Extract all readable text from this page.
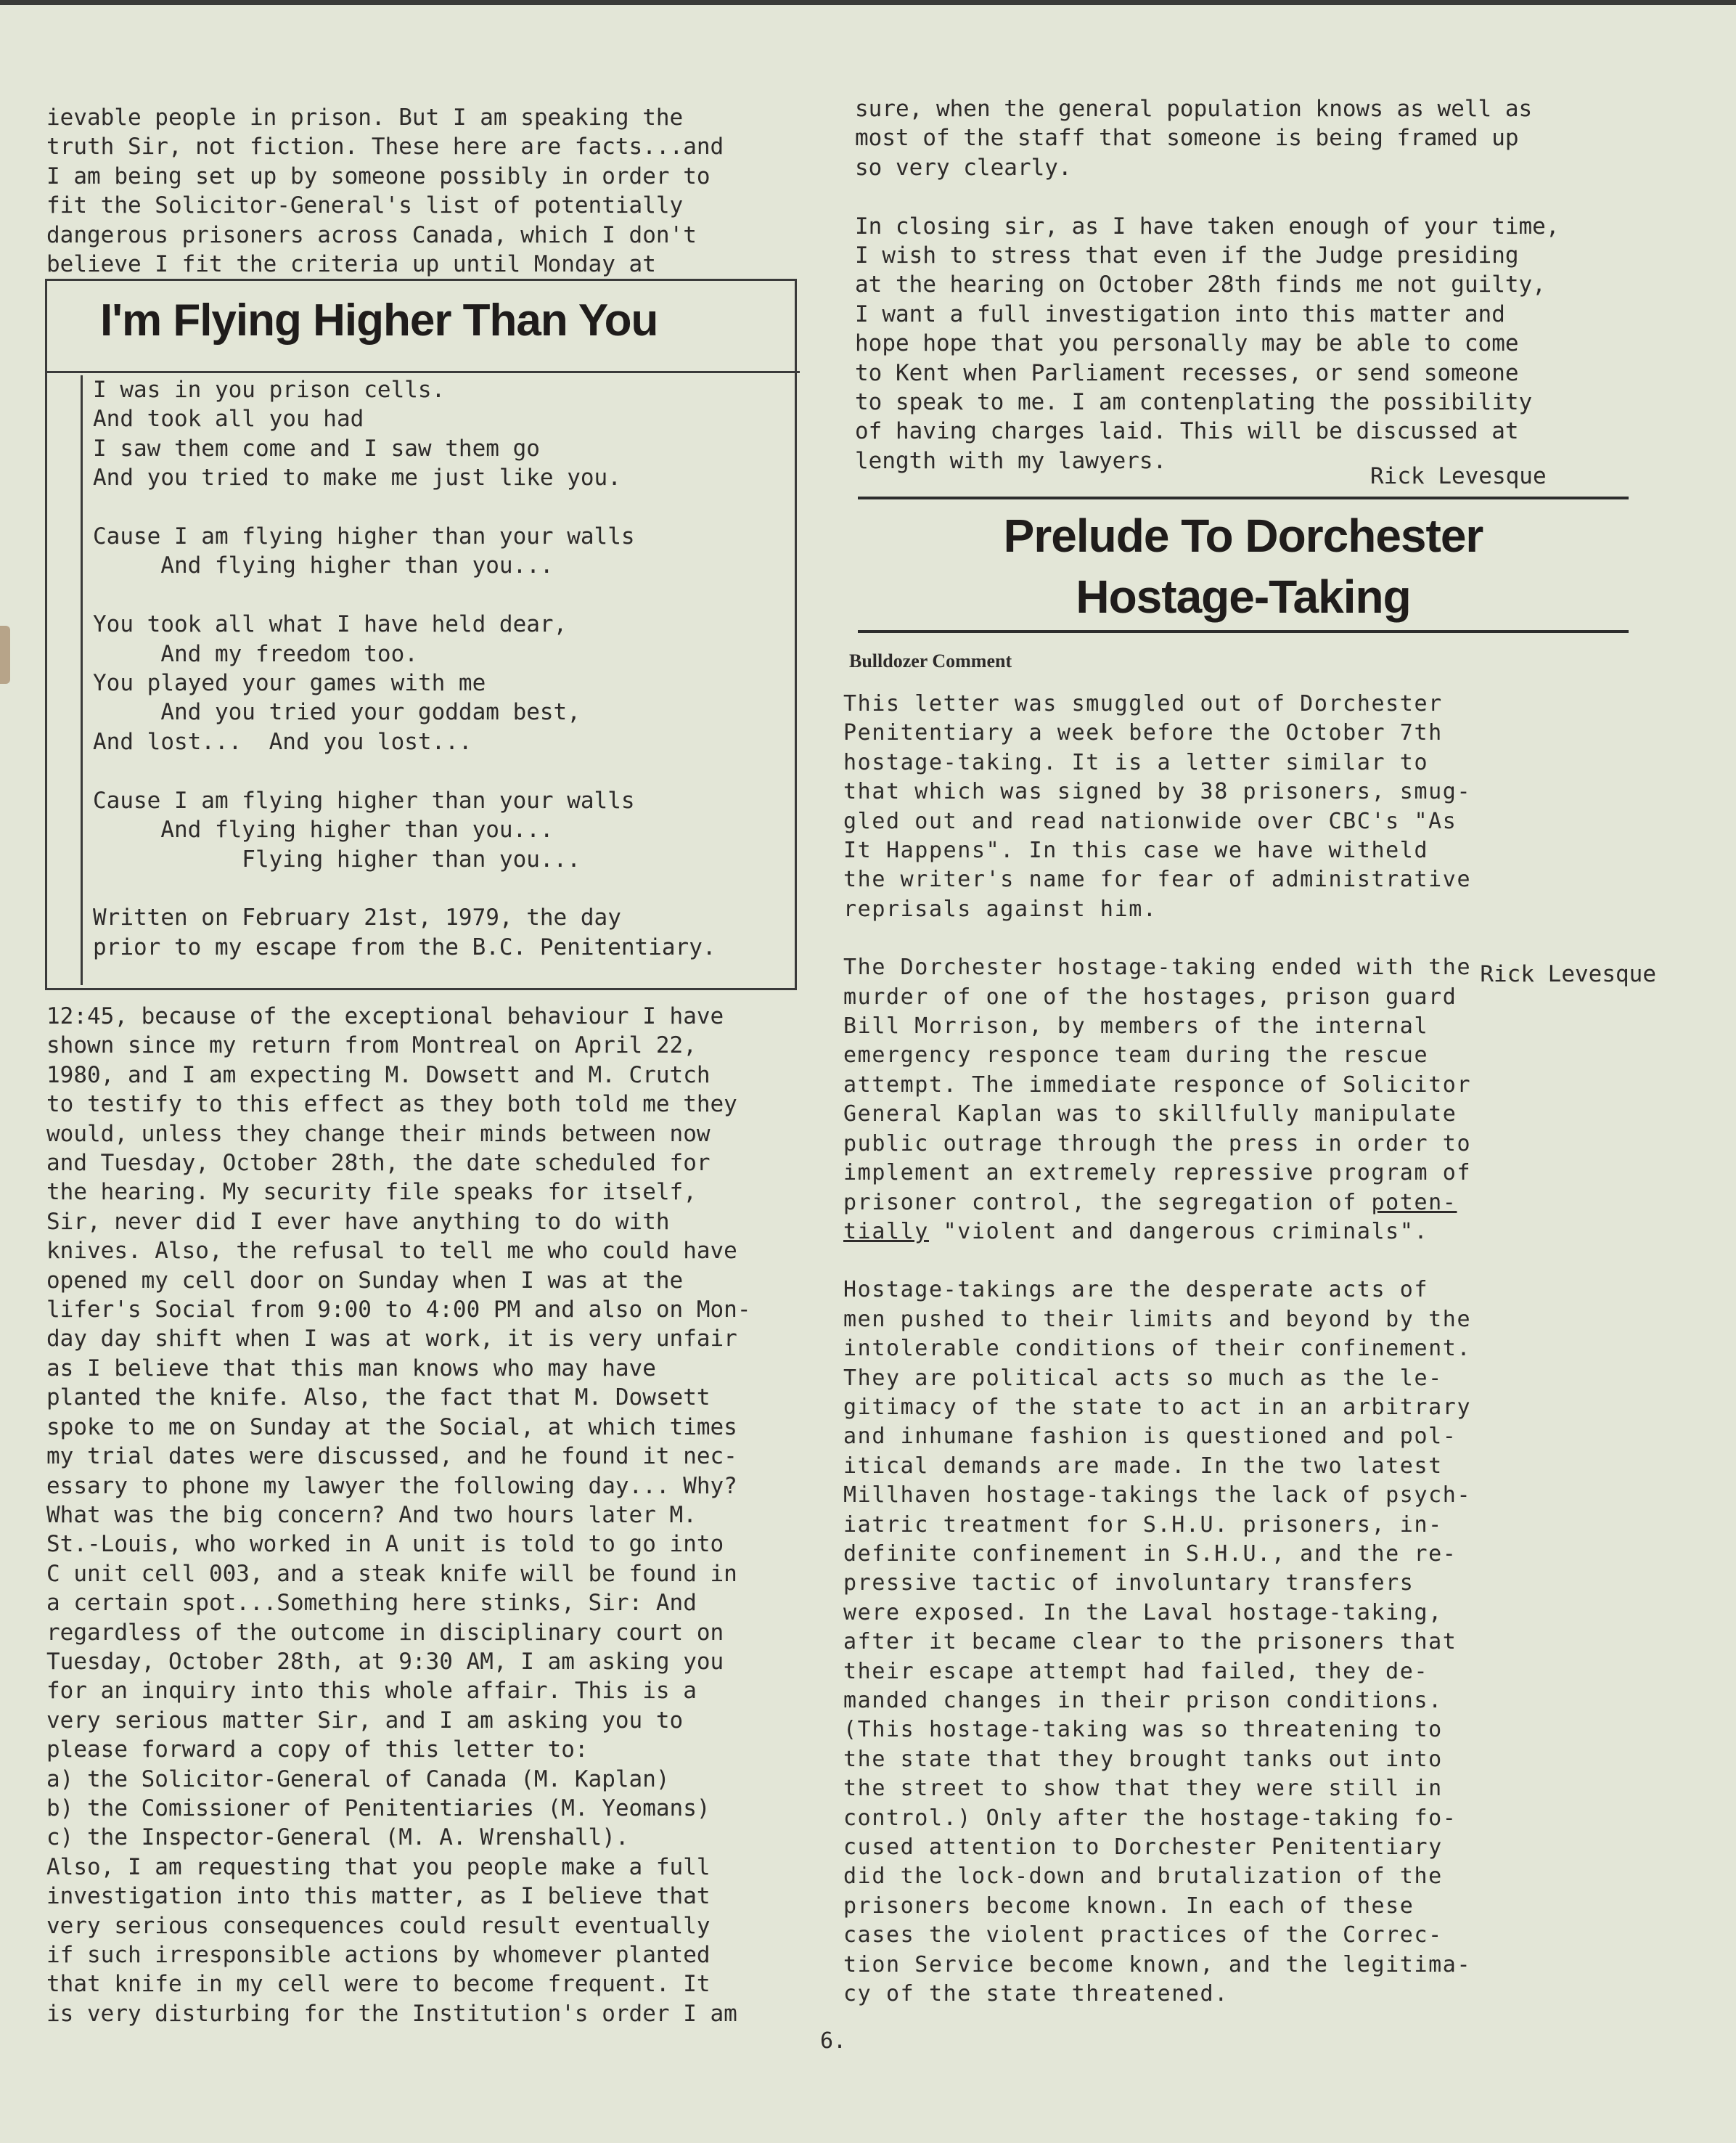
ievable people in prison. But I am speaking the
truth Sir, not fiction. These here are facts...and
I am being set up by someone possibly in order to
fit the Solicitor-General's list of potentially
dangerous prisoners across Canada, which I don't
believe I fit the criteria up until Monday at

I'm Flying Higher Than You

I was in you prison cells.
And took all you had
I saw them come and I saw them go
And you tried to make me just like you.

Cause I am flying higher than your walls
And flying higher than you...

You took all what I have held dear,
And my freedom too.
You played your games with me
And you tried your goddam best,
And lost...  And you lost...

Cause I am flying higher than your walls
And flying higher than you...
Flying higher than you...

Written on February 21st, 1979, the day
prior to my escape from the B.C. Penitentiary.

Rick Levesque

12:45, because of the exceptional behaviour I have
shown since my return from Montreal on April 22,
1980, and I am expecting M. Dowsett and M. Crutch
to testify to this effect as they both told me they
would, unless they change their minds between now
and Tuesday, October 28th, the date scheduled for
the hearing. My security file speaks for itself,
Sir, never did I ever have anything to do with
knives. Also, the refusal to tell me who could have
opened my cell door on Sunday when I was at the
lifer's Social from 9:00 to 4:00 PM and also on Mon-
day day shift when I was at work, it is very unfair
as I believe that this man knows who may have
planted the knife. Also, the fact that M. Dowsett
spoke to me on Sunday at the Social, at which times
my trial dates were discussed, and he found it nec-
essary to phone my lawyer the following day... Why?
What was the big concern? And two hours later M.
St.-Louis, who worked in A unit is told to go into
C unit cell 003, and a steak knife will be found in
a certain spot...Something here stinks, Sir: And
regardless of the outcome in disciplinary court on
Tuesday, October 28th, at 9:30 AM, I am asking you
for an inquiry into this whole affair. This is a
very serious matter Sir, and I am asking you to
please forward a copy of this letter to:
a) the Solicitor-General of Canada (M. Kaplan)
b) the Comissioner of Penitentiaries (M. Yeomans)
c) the Inspector-General (M. A. Wrenshall).
Also, I am requesting that you people make a full
investigation into this matter, as I believe that
very serious consequences could result eventually
if such irresponsible actions by whomever planted
that knife in my cell were to become frequent. It
is very disturbing for the Institution's order I am

sure, when the general population knows as well as
most of the staff that someone is being framed up
so very clearly.

In closing sir, as I have taken enough of your time,
I wish to stress that even if the Judge presiding
at the hearing on October 28th finds me not guilty,
I want a full investigation into this matter and
hope hope that you personally may be able to come
to Kent when Parliament recesses, or send someone
to speak to me. I am contenplating the possibility
of having charges laid. This will be discussed at
length with my lawyers.

Rick Levesque

Prelude To Dorchester
Hostage-Taking

Bulldozer Comment

This letter was smuggled out of Dorchester
Penitentiary a week before the October 7th
hostage-taking. It is a letter similar to
that which was signed by 38 prisoners, smug-
gled out and read nationwide over CBC's "As
It Happens". In this case we have witheld
the writer's name for fear of administrative
reprisals against him.

The Dorchester hostage-taking ended with the
murder of one of the hostages, prison guard
Bill Morrison, by members of the internal
emergency responce team during the rescue
attempt. The immediate responce of Solicitor
General Kaplan was to skillfully manipulate
public outrage through the press in order to
implement an extremely repressive program of
prisoner control, the segregation of poten-
tially "violent and dangerous criminals".

Hostage-takings are the desperate acts of
men pushed to their limits and beyond by the
intolerable conditions of their confinement.
They are political acts so much as the le-
gitimacy of the state to act in an arbitrary
and inhumane fashion is questioned and pol-
itical demands are made. In the two latest
Millhaven hostage-takings the lack of psych-
iatric treatment for S.H.U. prisoners, in-
definite confinement in S.H.U., and the re-
pressive tactic of involuntary transfers
were exposed. In the Laval hostage-taking,
after it became clear to the prisoners that
their escape attempt had failed, they de-
manded changes in their prison conditions.
(This hostage-taking was so threatening to
the state that they brought tanks out into
the street to show that they were still in
control.) Only after the hostage-taking fo-
cused attention to Dorchester Penitentiary
did the lock-down and brutalization of the
prisoners become known. In each of these
cases the violent practices of the Correc-
tion Service become known, and the legitima-
cy of the state threatened.

6.
